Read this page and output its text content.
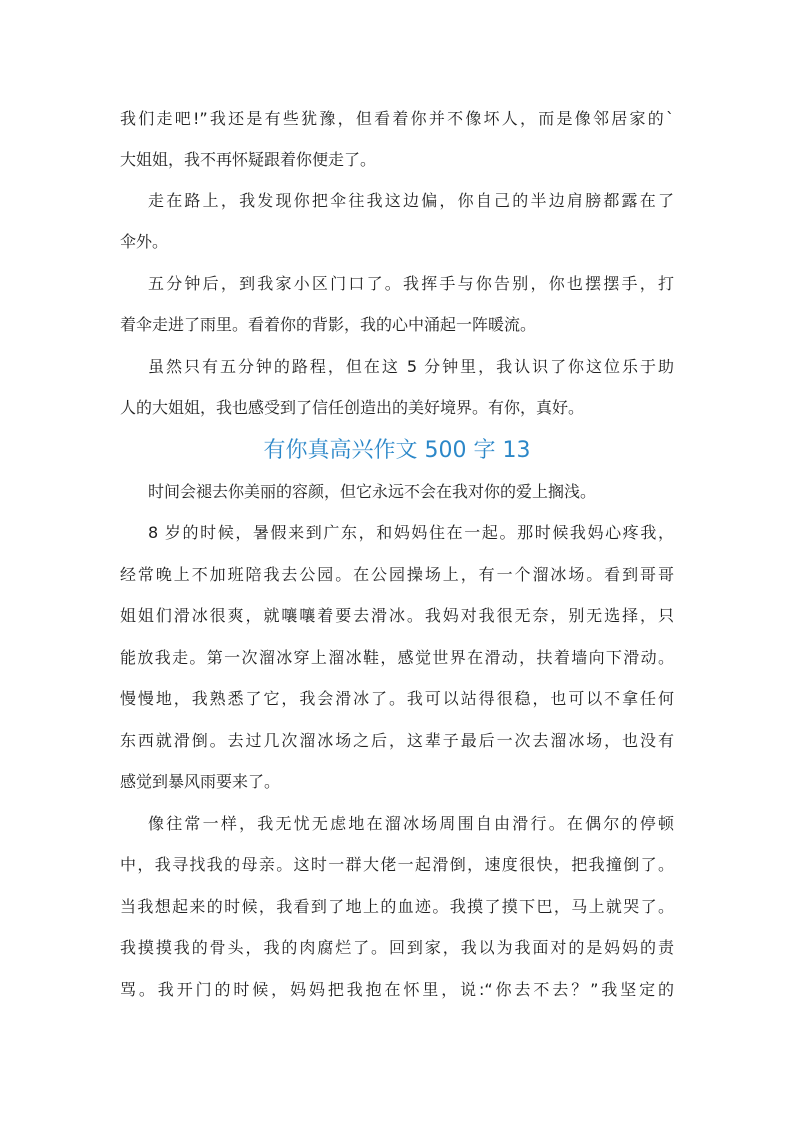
我们走吧!”我还是有些犹豫，但看着你并不像坏人，而是像邻居家的`
大姐姐，我不再怀疑跟着你便走了。
走在路上，我发现你把伞往我这边偏，你自己的半边肩膀都露在了
伞外。
五分钟后，到我家小区门口了。我挥手与你告别，你也摆摆手，打
着伞走进了雨里。看着你的背影，我的心中涌起一阵暖流。
虽然只有五分钟的路程，但在这 5 分钟里，我认识了你这位乐于助
人的大姐姐，我也感受到了信任创造出的美好境界。有你，真好。
有你真高兴作文 500 字 13
时间会褪去你美丽的容颜，但它永远不会在我对你的爱上搁浅。
8 岁的时候，暑假来到广东，和妈妈住在一起。那时候我妈心疼我，
经常晚上不加班陪我去公园。在公园操场上，有一个溜冰场。看到哥哥
姐姐们滑冰很爽，就嚷嚷着要去滑冰。我妈对我很无奈，别无选择，只
能放我走。第一次溜冰穿上溜冰鞋，感觉世界在滑动，扶着墙向下滑动。
慢慢地，我熟悉了它，我会滑冰了。我可以站得很稳，也可以不拿任何
东西就滑倒。去过几次溜冰场之后，这辈子最后一次去溜冰场，也没有
感觉到暴风雨要来了。
像往常一样，我无忧无虑地在溜冰场周围自由滑行。在偶尔的停顿
中，我寻找我的母亲。这时一群大佬一起滑倒，速度很快，把我撞倒了。
当我想起来的时候，我看到了地上的血迹。我摸了摸下巴，马上就哭了。
我摸摸我的骨头，我的肉腐烂了。回到家，我以为我面对的是妈妈的责
骂。我开门的时候，妈妈把我抱在怀里，说:“你去不去？”我坚定的
